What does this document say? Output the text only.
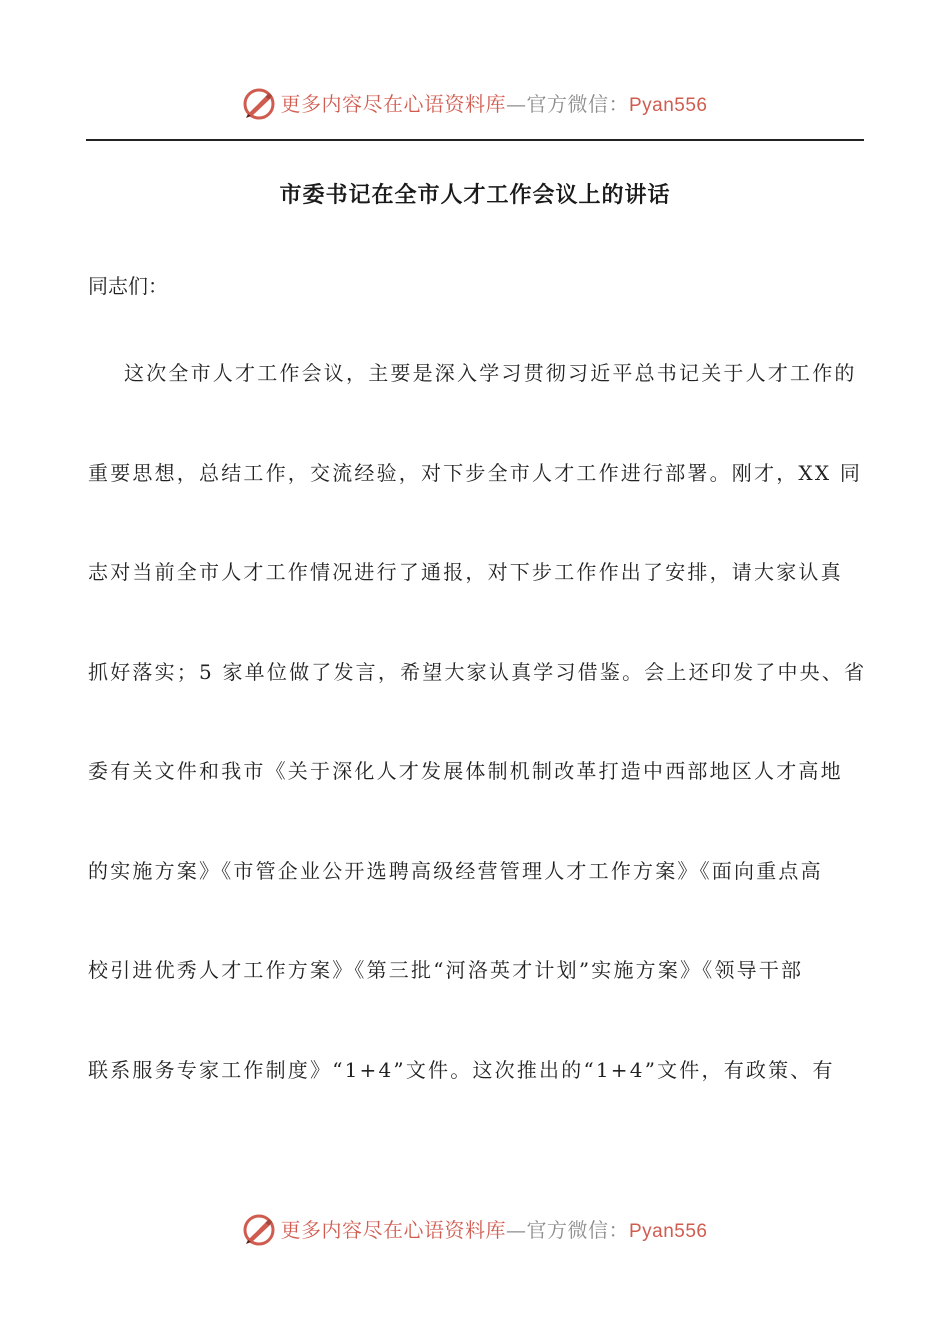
更多内容尽在心语资料库—官方微信：Pyan556
市委书记在全市人才工作会议上的讲话
同志们：
这次全市人才工作会议，主要是深入学习贯彻习近平总书记关于人才工作的
重要思想，总结工作，交流经验，对下步全市人才工作进行部署。刚才，XX 同
志对当前全市人才工作情况进行了通报，对下步工作作出了安排，请大家认真
抓好落实；5 家单位做了发言，希望大家认真学习借鉴。会上还印发了中央、省
委有关文件和我市《关于深化人才发展体制机制改革打造中西部地区人才高地
的实施方案》《市管企业公开选聘高级经营管理人才工作方案》《面向重点高
校引进优秀人才工作方案》《第三批“河洛英才计划”实施方案》《领导干部
联系服务专家工作制度》“1+4”文件。这次推出的“1+4”文件，有政策、有
更多内容尽在心语资料库—官方微信：Pyan556
